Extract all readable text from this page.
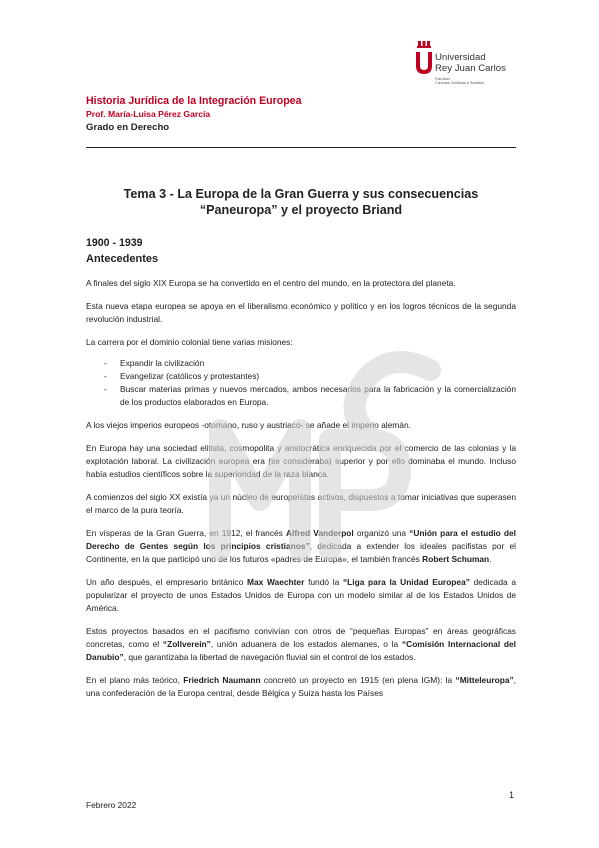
Universidad
Rey Juan Carlos
Facultad
Ciencias Jurídicas y Sociales
Historia Jurídica de la Integración Europea
Prof. María-Luisa Pérez García
Grado en Derecho
Tema 3 - La Europa de la Gran Guerra y sus consecuencias
“Paneuropa” y el proyecto Briand

1900 - 1939

Antecedentes

A finales del siglo XIX Europa se ha convertido en el centro del mundo, en la protectora del planeta.

Esta nueva etapa europea se apoya en el liberalismo económico y político y en los logros técnicos de la segunda revolución industrial.

La carrera por el dominio colonial tiene varias misiones:

- Expandir la civilización
- Evangelizar (católicos y protestantes)
- Buscar materias primas y nuevos mercados, ambos necesarios para la fabricación y la comercialización de los productos elaborados en Europa.

A los viejos imperios europeos -otomano, ruso y austriaco- se añade el imperio alemán.

En Europa hay una sociedad elitista, cosmopolita y aristocrática enriquecida por el comercio de las colonias y la explotación laboral. La civilización europea era (se consideraba) superior y por ello dominaba el mundo. Incluso había estudios científicos sobre la superioridad de la raza blanca.

A comienzos del siglo XX existía ya un núcleo de europeístas activos, dispuestos a tomar iniciativas que superasen el marco de la pura teoría.

En vísperas de la Gran Guerra, en 1912, el francés Alfred Vanderpol organizó una “Unión para el estudio del Derecho de Gentes según los principios cristianos”, dedicada a extender los ideales pacifistas por el Continente, en la que participó uno de los futuros «padres de Europa», el también francés Robert Schuman.

Un año después, el empresario británico Max Waechter fundó la “Liga para la Unidad Europea” dedicada a popularizar el proyecto de unos Estados Unidos de Europa con un modelo similar al de los Estados Unidos de América.

Estos proyectos basados en el pacifismo convivían con otros de “pequeñas Europas” en áreas geográficas concretas, como el “Zollverein”, unión aduanera de los estados alemanes, o la “Comisión Internacional del Danubio”, que garantizaba la libertad de navegación fluvial sin el control de los estados.

En el plano más teórico, Friedrich Naumann concretó un proyecto en 1915 (en plena IGM): la “Mitteleuropa”, una confederación de la Europa central, desde Bélgica y Suiza hasta los Países

1
Febrero 2022
